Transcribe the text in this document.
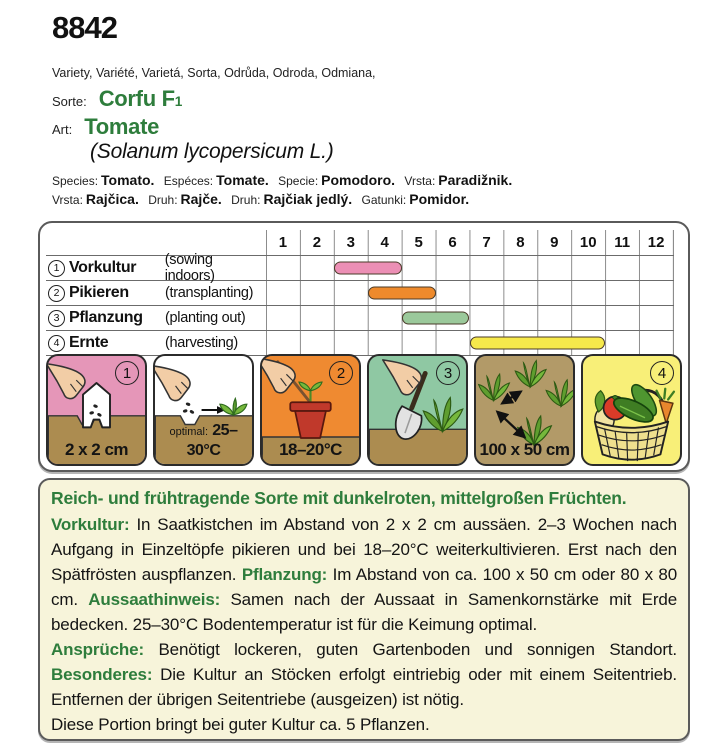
8842
Variety, Variété, Varietá, Sorta, Odrůda, Odroda, Odmiana,
Sorte: Corfu F1
Art: Tomate
(Solanum lycopersicum L.)
Species: Tomato. Espéces: Tomate. Specie: Pomodoro. Vrsta: Paradižnik.
Vrsta: Rajčica. Druh: Rajče. Druh: Rajčiak jedlý. Gatunki: Pomidor.
1	2	3	4	5	6	7	8	9	10	11	12
1 Vorkultur	(sowing indoors)
2 Pikieren	(transplanting)
3 Pflanzung	(planting out)
4 Ernte	(harvesting)
1
2 x 2 cm
optimal: 25–30°C
2
18–20°C
3
100 x 50 cm
4

Reich- und frühtragende Sorte mit dunkelroten, mittelgroßen Früchten.

Vorkultur: In Saatkistchen im Abstand von 2 x 2 cm aussäen. 2–3 Wochen nach Aufgang in Einzeltöpfe pikieren und bei 18–20°C weiterkultivieren. Erst nach den Spätfrösten auspflanzen. Pflanzung: Im Abstand von ca. 100 x 50 cm oder 80 x 80 cm. Aussaathinweis: Samen nach der Aussaat in Samenkornstärke mit Erde bedecken. 25–30°C Bodentemperatur ist für die Keimung optimal.

Ansprüche: Benötigt lockeren, guten Gartenboden und sonnigen Standort.

Besonderes: Die Kultur an Stöcken erfolgt eintriebig oder mit einem Seitentrieb. Entfernen der übrigen Seitentriebe (ausgeizen) ist nötig.

Diese Portion bringt bei guter Kultur ca. 5 Pflanzen.
